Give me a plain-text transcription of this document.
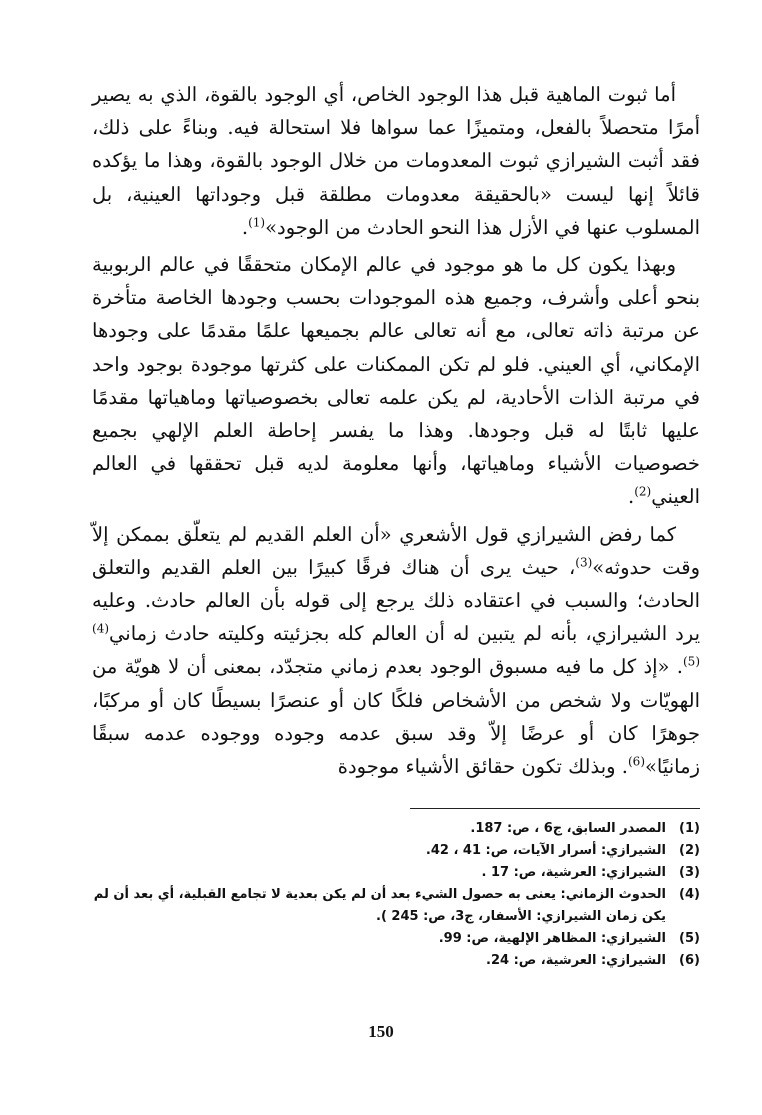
أما ثبوت الماهية قبل هذا الوجود الخاص، أي الوجود بالقوة، الذي به يصير أمرًا متحصلاً بالفعل، ومتميزًا عما سواها فلا استحالة فيه. وبناءً على ذلك، فقد أثبت الشيرازي ثبوت المعدومات من خلال الوجود بالقوة، وهذا ما يؤكده قائلاً إنها ليست «بالحقيقة معدومات مطلقة قبل وجوداتها العينية، بل المسلوب عنها في الأزل هذا النحو الحادث من الوجود»$^{(1)}$.

وبهذا يكون كل ما هو موجود في عالم الإمكان متحققًا في عالم الربوبية بنحو أعلى وأشرف، وجميع هذه الموجودات بحسب وجودها الخاصة متأخرة عن مرتبة ذاته تعالى، مع أنه تعالى عالم بجميعها علمًا مقدمًا على وجودها الإمكاني، أي العيني. فلو لم تكن الممكنات على كثرتها موجودة بوجود واحد في مرتبة الذات الأحادية، لم يكن علمه تعالى بخصوصياتها وماهياتها مقدمًا عليها ثابتًا له قبل وجودها. وهذا ما يفسر إحاطة العلم الإلهي بجميع خصوصيات الأشياء وماهياتها، وأنها معلومة لديه قبل تحققها في العالم العيني$^{(2)}$.

كما رفض الشيرازي قول الأشعري «أن العلم القديم لم يتعلّق بممكن إلاّ وقت حدوثه»$^{(3)}$، حيث يرى أن هناك فرقًا كبيرًا بين العلم القديم والتعلق الحادث؛ والسبب في اعتقاده ذلك يرجع إلى قوله بأن العالم حادث. وعليه يرد الشيرازي، بأنه لم يتبين له أن العالم كله بجزئيته وكليته حادث زماني$^{(4) (5)}$. «إذ كل ما فيه مسبوق الوجود بعدم زماني متجدّد، بمعنى أن لا هويّة من الهويّات ولا شخص من الأشخاص فلكًا كان أو عنصرًا بسيطًا كان أو مركبًا، جوهرًا كان أو عرضًا إلاّ وقد سبق عدمه وجوده ووجوده عدمه سبقًا زمانيًا»$^{(6)}$. وبذلك تكون حقائق الأشياء موجودة

(1)
المصدر السابق، ج6 ، ص: 187.
(2)
الشيرازي: أسرار الآيات، ص: 41 ، 42.
(3)
الشيرازي: العرشية، ص: 17 .
(4)
الحدوث الزماني: يعنى به حصول الشيء بعد أن لم يكن بعدية لا تجامع القبلية، أي بعد أن لم يكن زمان الشيرازي: الأسفار، ج3، ص: 245 ).
(5)
الشيرازي: المظاهر الإلهية، ص: 99.
(6)
الشيرازي: العرشية، ص: 24.
150
